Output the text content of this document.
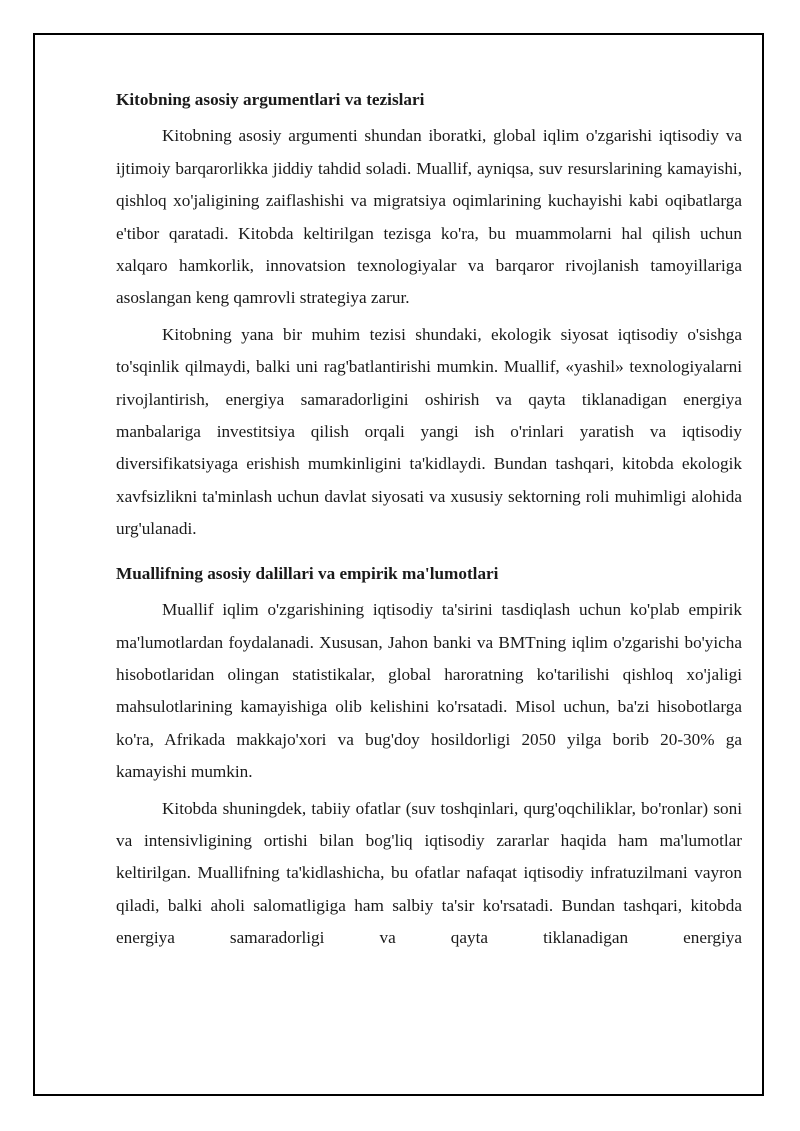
Kitobning asosiy argumentlari va tezislari

Kitobning asosiy argumenti shundan iboratki, global iqlim o'zgarishi iqtisodiy va ijtimoiy barqarorlikka jiddiy tahdid soladi. Muallif, ayniqsa, suv resurslarining kamayishi, qishloq xo'jaligining zaiflashishi va migratsiya oqimlarining kuchayishi kabi oqibatlarga e'tibor qaratadi. Kitobda keltirilgan tezisga ko'ra, bu muammolarni hal qilish uchun xalqaro hamkorlik, innovatsion texnologiyalar va barqaror rivojlanish tamoyillariga asoslangan keng qamrovli strategiya zarur.

Kitobning yana bir muhim tezisi shundaki, ekologik siyosat iqtisodiy o'sishga to'sqinlik qilmaydi, balki uni rag'batlantirishi mumkin. Muallif, «yashil» texnologiyalarni rivojlantirish, energiya samaradorligini oshirish va qayta tiklanadigan energiya manbalariga investitsiya qilish orqali yangi ish o'rinlari yaratish va iqtisodiy diversifikatsiyaga erishish mumkinligini ta'kidlaydi. Bundan tashqari, kitobda ekologik xavfsizlikni ta'minlash uchun davlat siyosati va xususiy sektorning roli muhimligi alohida urg'ulanadi.

Muallifning asosiy dalillari va empirik ma'lumotlari

Muallif iqlim o'zgarishining iqtisodiy ta'sirini tasdiqlash uchun ko'plab empirik ma'lumotlardan foydalanadi. Xususan, Jahon banki va BMTning iqlim o'zgarishi bo'yicha hisobotlaridan olingan statistikalar, global haroratning ko'tarilishi qishloq xo'jaligi mahsulotlarining kamayishiga olib kelishini ko'rsatadi. Misol uchun, ba'zi hisobotlarga ko'ra, Afrikada makkajo'xori va bug'doy hosildorligi 2050 yilga borib 20-30% ga kamayishi mumkin.

Kitobda shuningdek, tabiiy ofatlar (suv toshqinlari, qurg'oqchiliklar, bo'ronlar) soni va intensivligining ortishi bilan bog'liq iqtisodiy zararlar haqida ham ma'lumotlar keltirilgan. Muallifning ta'kidlashicha, bu ofatlar nafaqat iqtisodiy infratuzilmani vayron qiladi, balki aholi salomatligiga ham salbiy ta'sir ko'rsatadi. Bundan tashqari, kitobda energiya samaradorligi va qayta tiklanadigan energiya
